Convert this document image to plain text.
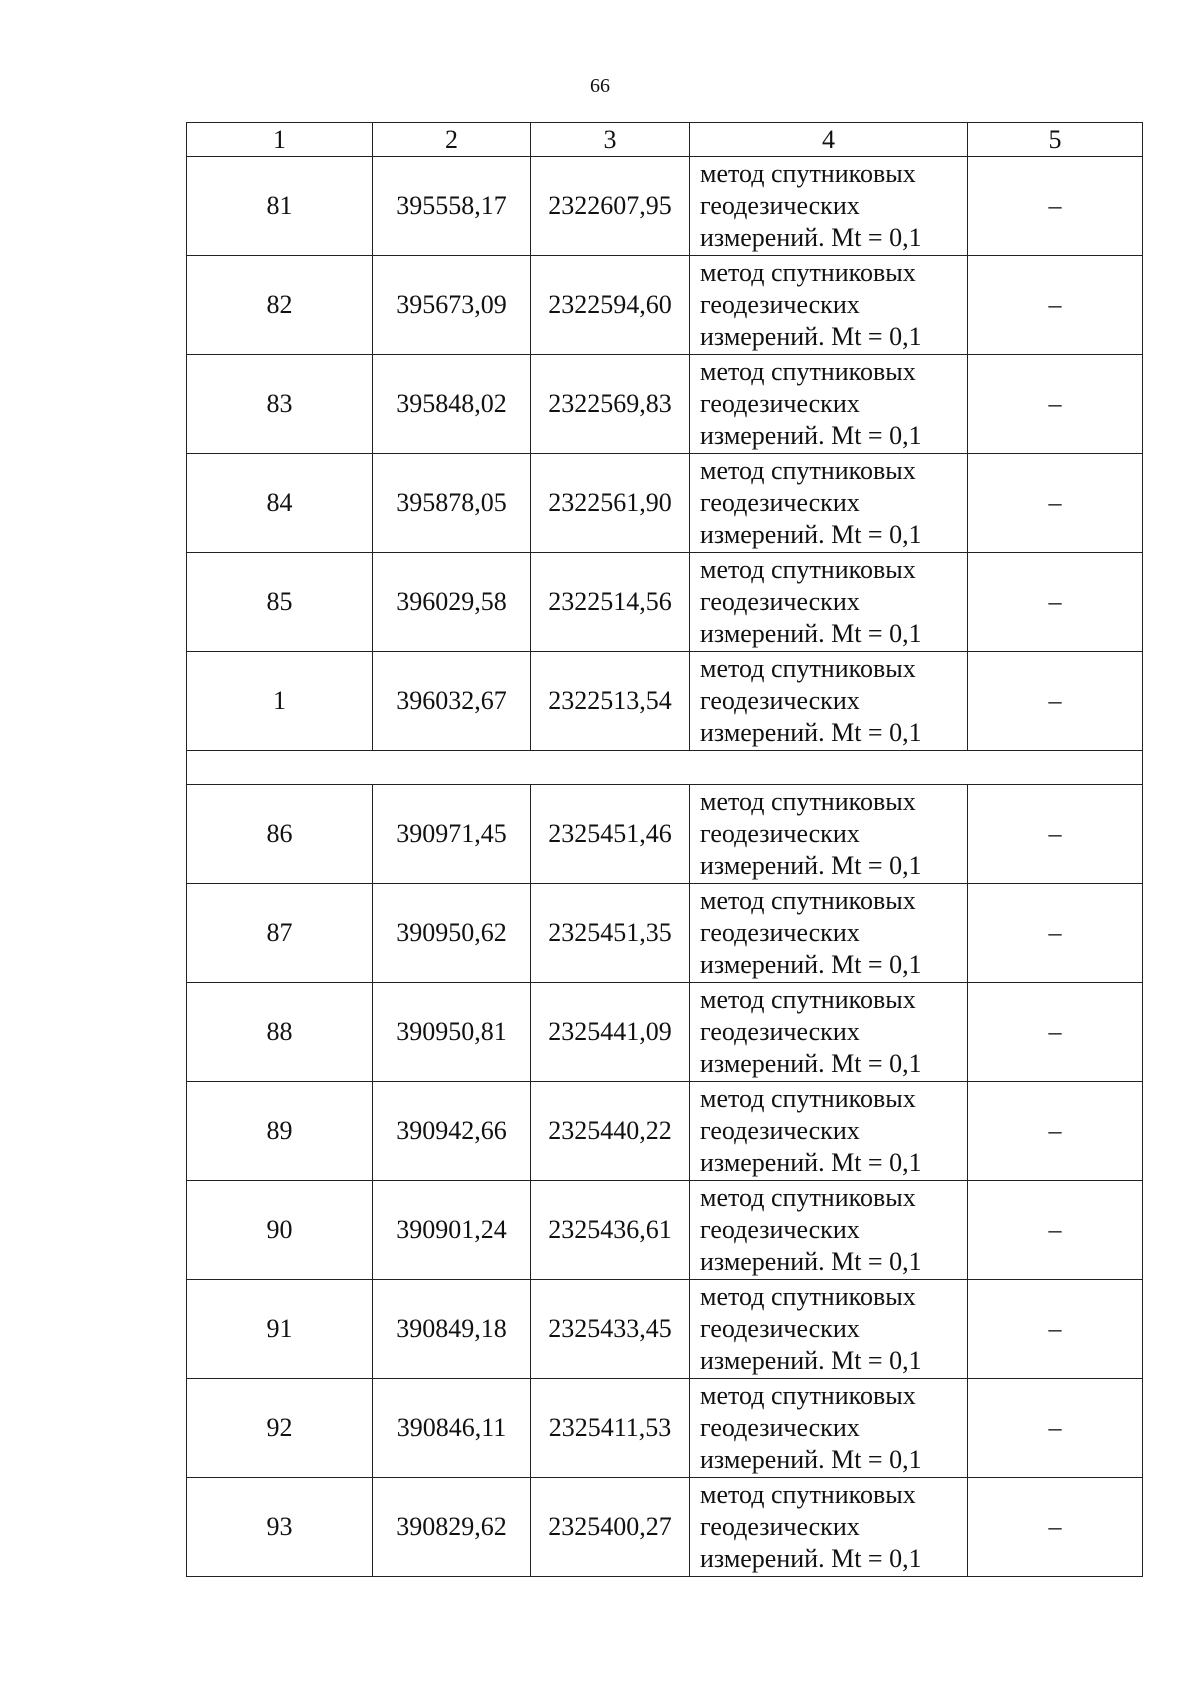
66
1	2	3	4	5
81	395558,17	2322607,95	метод спутниковых
геодезических
измерений. Mt = 0,1	–
82	395673,09	2322594,60	метод спутниковых
геодезических
измерений. Mt = 0,1	–
83	395848,02	2322569,83	метод спутниковых
геодезических
измерений. Mt = 0,1	–
84	395878,05	2322561,90	метод спутниковых
геодезических
измерений. Mt = 0,1	–
85	396029,58	2322514,56	метод спутниковых
геодезических
измерений. Mt = 0,1	–
1	396032,67	2322513,54	метод спутниковых
геодезических
измерений. Mt = 0,1	–

86	390971,45	2325451,46	метод спутниковых
геодезических
измерений. Mt = 0,1	–
87	390950,62	2325451,35	метод спутниковых
геодезических
измерений. Mt = 0,1	–
88	390950,81	2325441,09	метод спутниковых
геодезических
измерений. Mt = 0,1	–
89	390942,66	2325440,22	метод спутниковых
геодезических
измерений. Mt = 0,1	–
90	390901,24	2325436,61	метод спутниковых
геодезических
измерений. Mt = 0,1	–
91	390849,18	2325433,45	метод спутниковых
геодезических
измерений. Mt = 0,1	–
92	390846,11	2325411,53	метод спутниковых
геодезических
измерений. Mt = 0,1	–
93	390829,62	2325400,27	метод спутниковых
геодезических
измерений. Mt = 0,1	–
